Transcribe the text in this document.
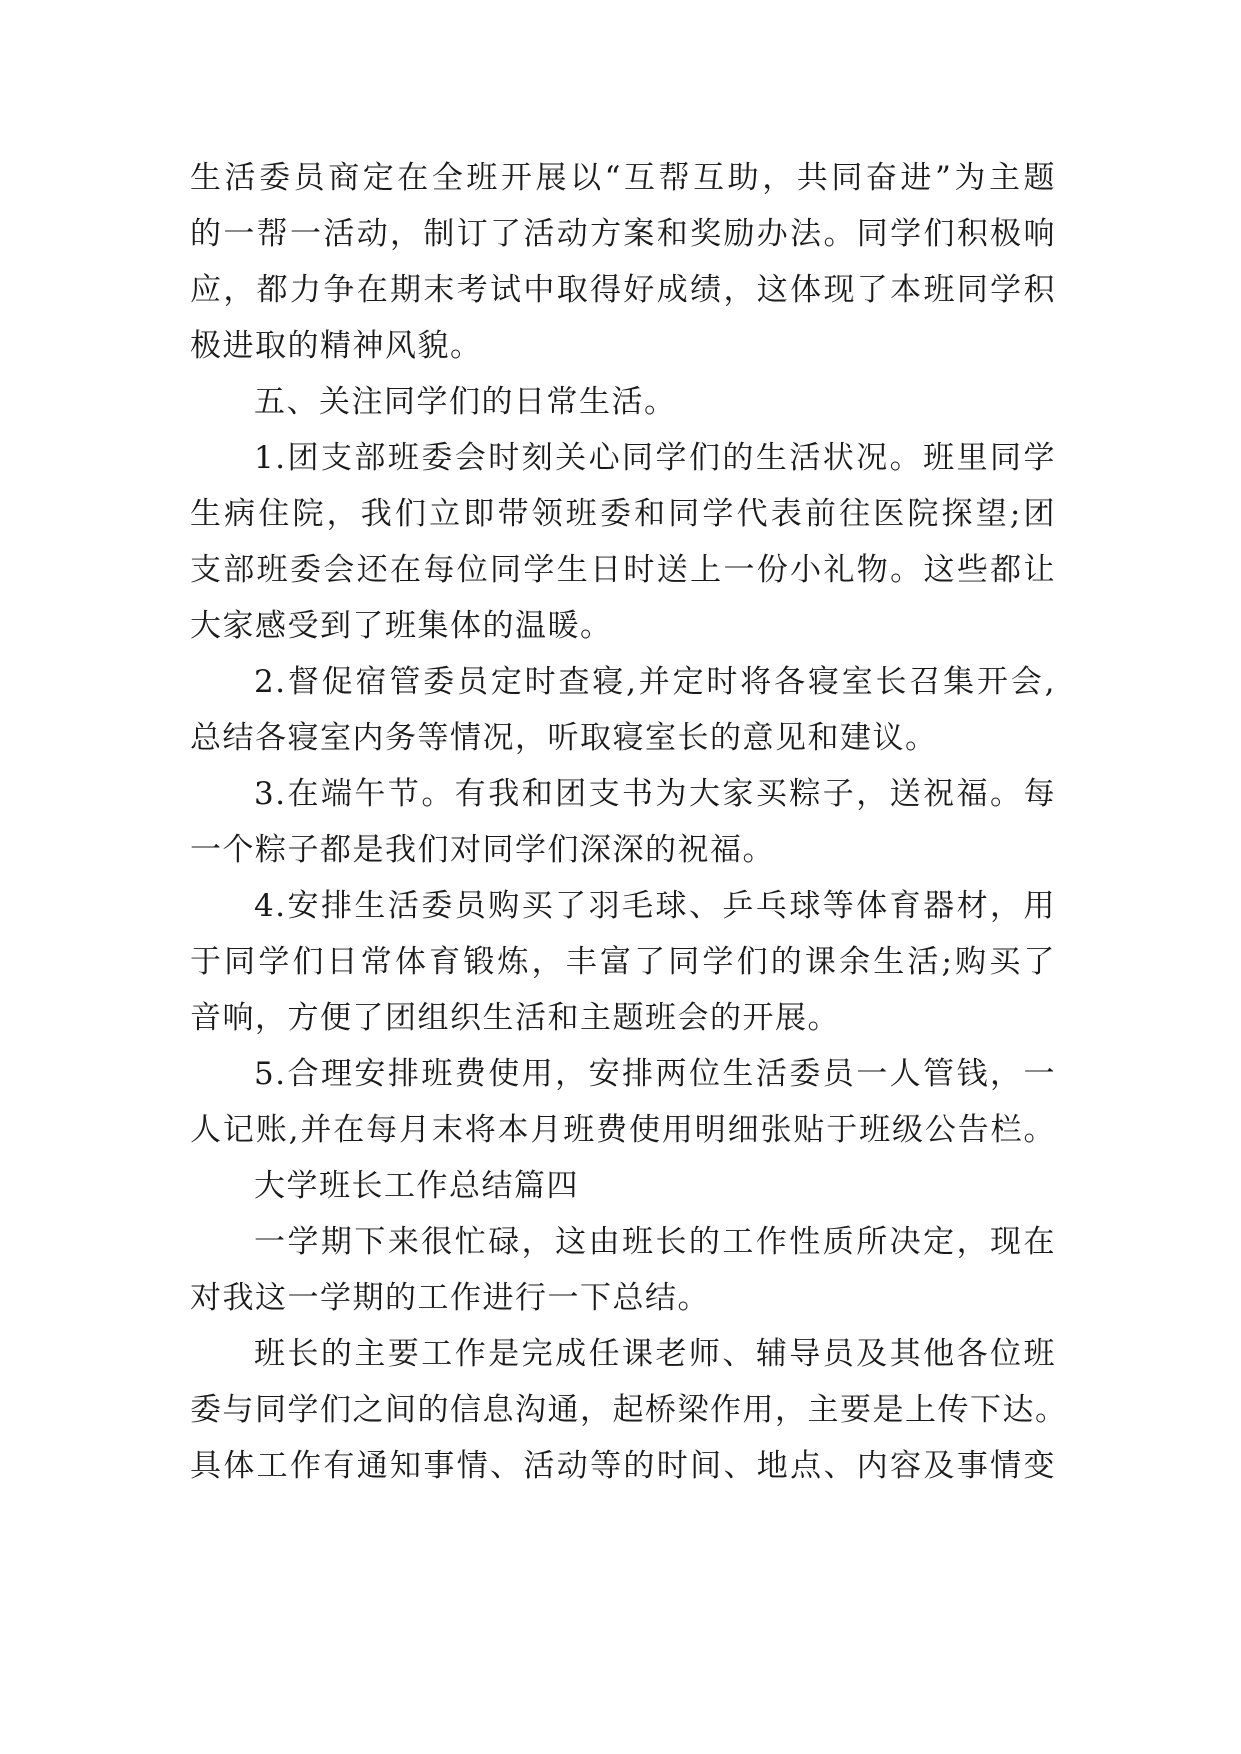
生活委员商定在全班开展以“互帮互助，共同奋进”为主题
的一帮一活动，制订了活动方案和奖励办法。同学们积极响
应，都力争在期末考试中取得好成绩，这体现了本班同学积
极进取的精神风貌。
五、关注同学们的日常生活。
1.团支部班委会时刻关心同学们的生活状况。班里同学
生病住院，我们立即带领班委和同学代表前往医院探望;团
支部班委会还在每位同学生日时送上一份小礼物。这些都让
大家感受到了班集体的温暖。
2.督促宿管委员定时查寝,并定时将各寝室长召集开会,
总结各寝室内务等情况，听取寝室长的意见和建议。
3.在端午节。有我和团支书为大家买粽子，送祝福。每
一个粽子都是我们对同学们深深的祝福。
4.安排生活委员购买了羽毛球、乒乓球等体育器材，用
于同学们日常体育锻炼，丰富了同学们的课余生活;购买了
音响，方便了团组织生活和主题班会的开展。
5.合理安排班费使用，安排两位生活委员一人管钱，一
人记账,并在每月末将本月班费使用明细张贴于班级公告栏。
大学班长工作总结篇四
一学期下来很忙碌，这由班长的工作性质所决定，现在
对我这一学期的工作进行一下总结。
班长的主要工作是完成任课老师、辅导员及其他各位班
委与同学们之间的信息沟通，起桥梁作用，主要是上传下达。
具体工作有通知事情、活动等的时间、地点、内容及事情变
